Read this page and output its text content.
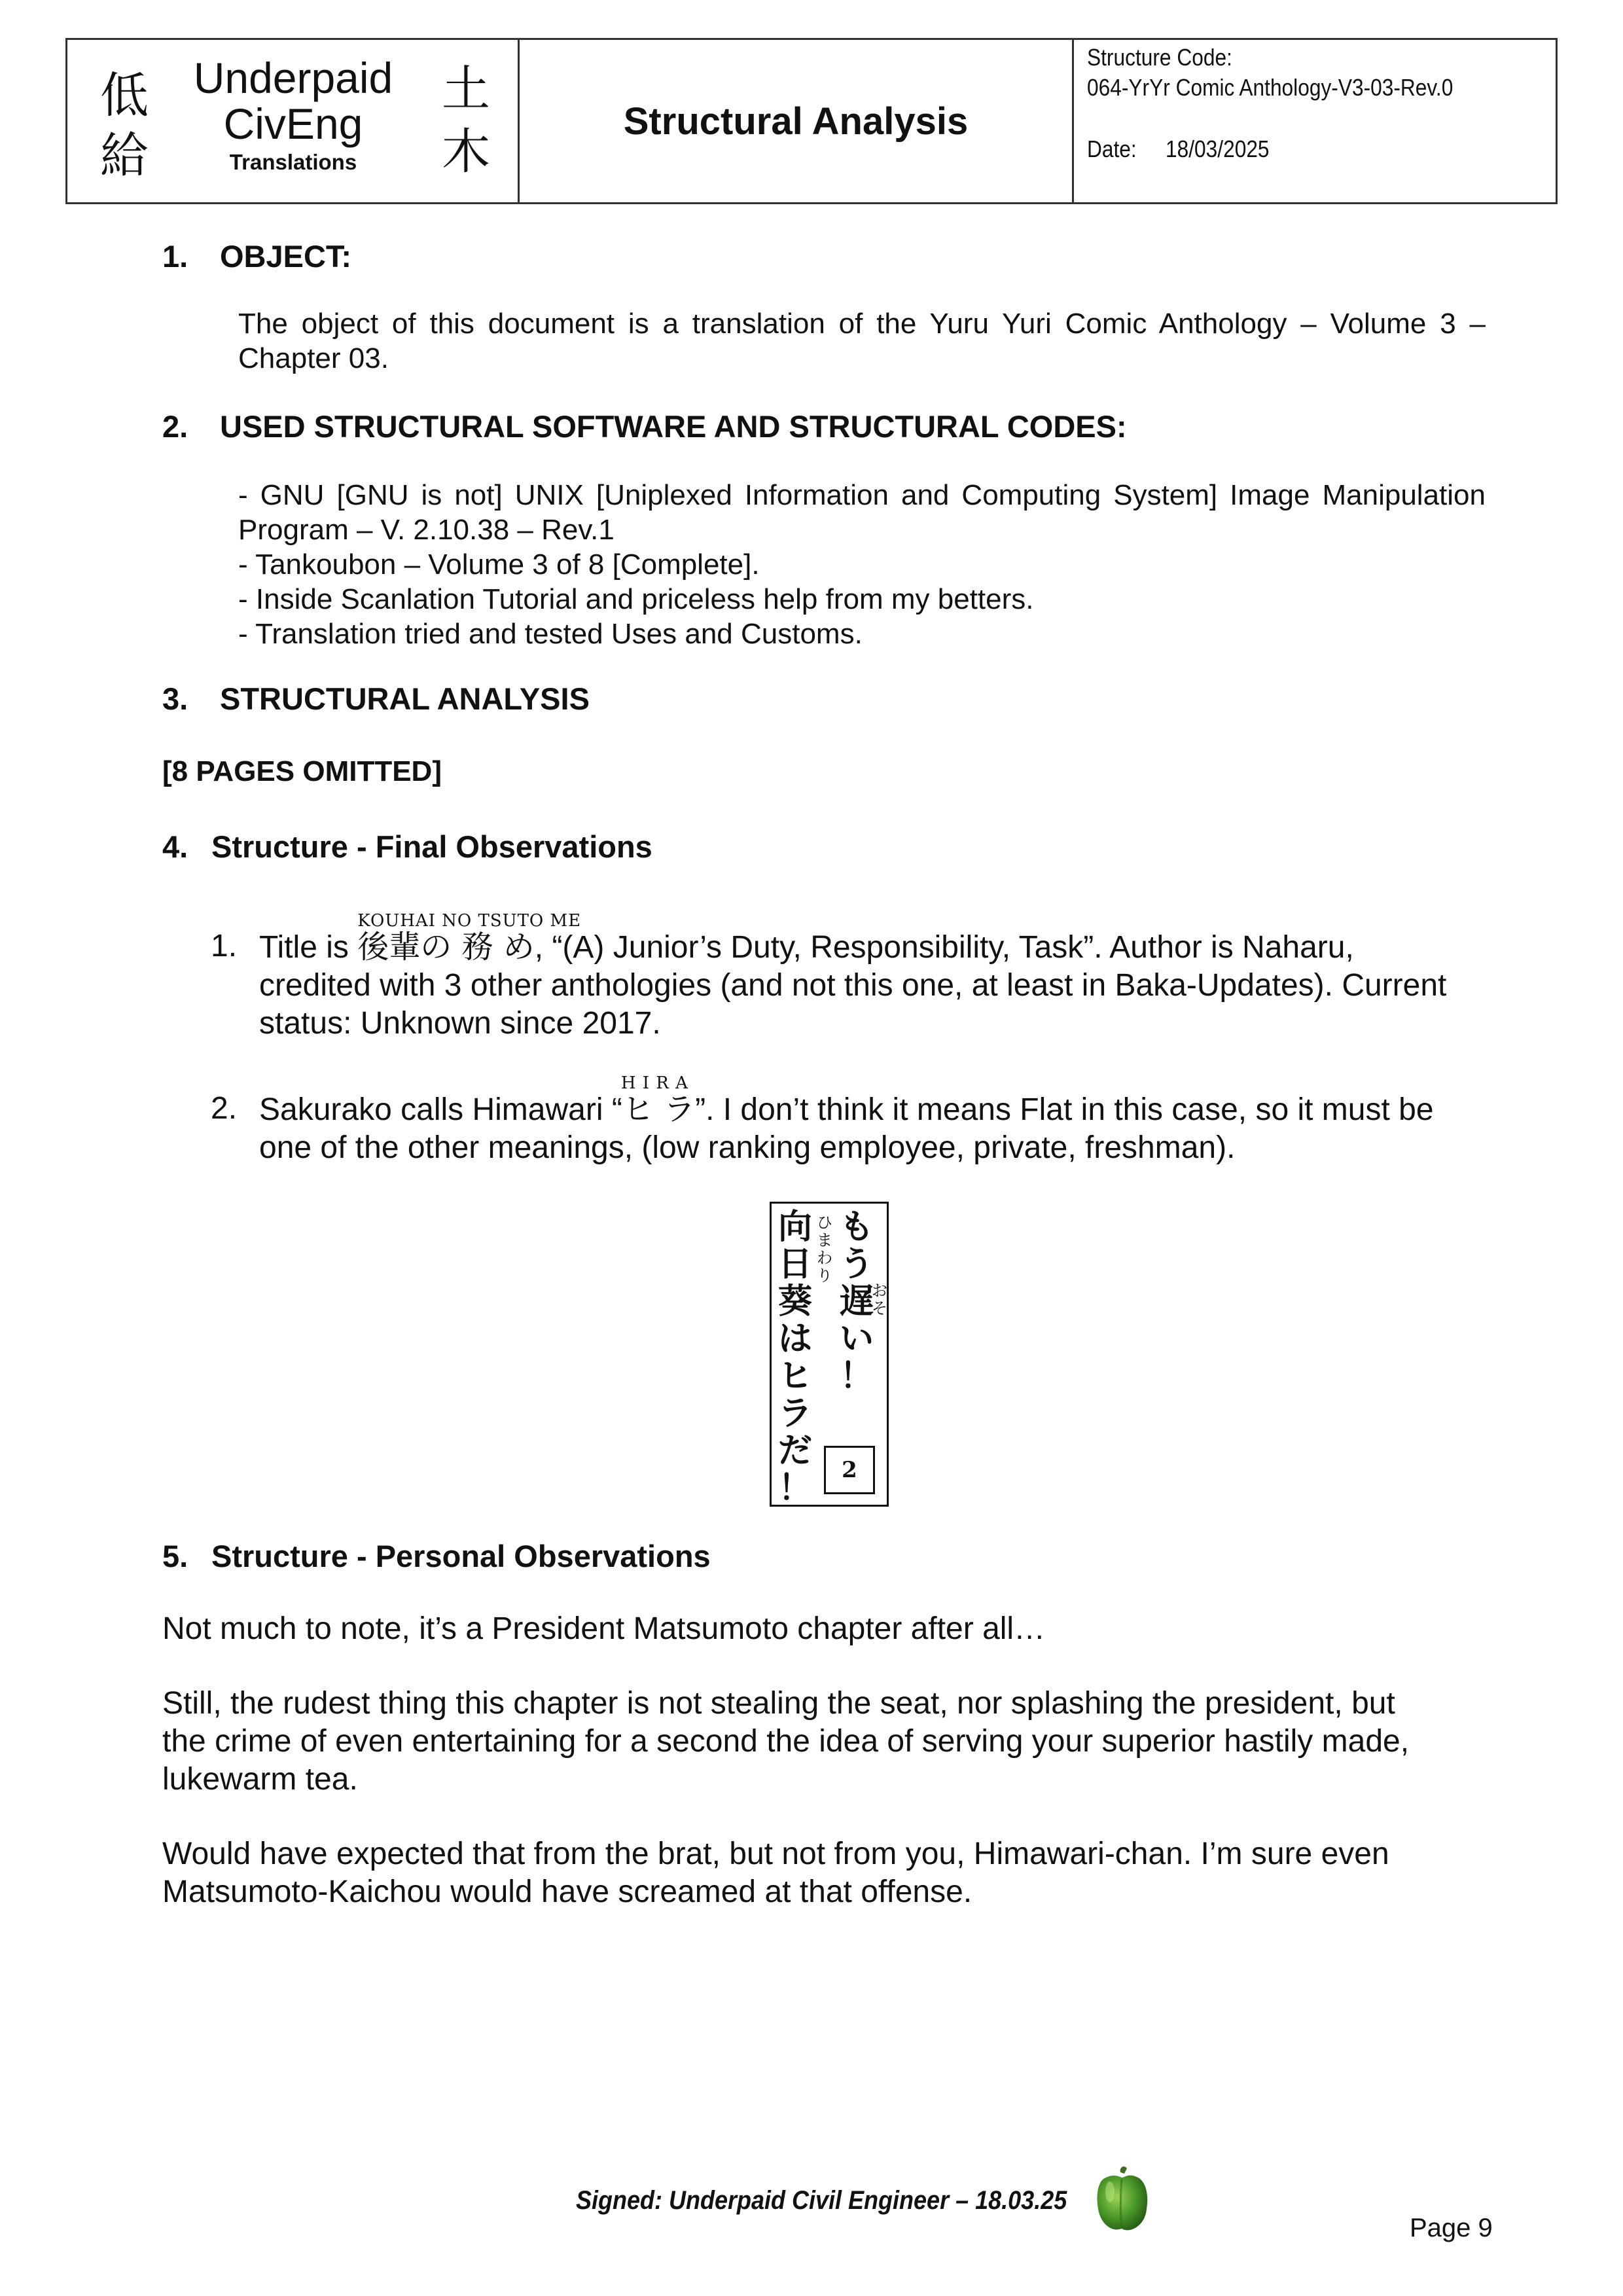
低
給
土
木
Underpaid
CivEng
Translations
Structural Analysis
Structure Code:
064-YrYr Comic Anthology-V3-03-Rev.0
Date: 18/03/2025
1. OBJECT:
The object of this document is a translation of the Yuru Yuri Comic Anthology – Volume 3 –
Chapter 03.
2. USED STRUCTURAL SOFTWARE AND STRUCTURAL CODES:
- GNU [GNU is not] UNIX [Uniplexed Information and Computing System] Image Manipulation
Program – V. 2.10.38 – Rev.1
- Tankoubon – Volume 3 of 8 [Complete].
- Inside Scanlation Tutorial and priceless help from my betters.
- Translation tried and tested Uses and Customs.
3. STRUCTURAL ANALYSIS
[8 PAGES OMITTED]
4. Structure - Final Observations
1. Title is
KOUHAI NO TSUTO ME
後輩の 務 め, “(A) Junior’s Duty, Responsibility, Task”. Author is Naharu,
credited with 3 other anthologies (and not this one, at least in Baka-Updates). Current
status: Unknown since 2017.
2. Sakurako calls Himawari “
H I R A
ヒ ラ”. I don’t think it means Flat in this case, so it must be
one of the other meanings, (low ranking employee, private, freshman).
も
う
遅
い
！
お
そ
向
日
葵
は
ヒ
ラ
だ
！
ひ
ま
わ
り
2
5. Structure - Personal Observations
Not much to note, it’s a President Matsumoto chapter after all…
Still, the rudest thing this chapter is not stealing the seat, nor splashing the president, but
the crime of even entertaining for a second the idea of serving your superior hastily made,
lukewarm tea.
Would have expected that from the brat, but not from you, Himawari-chan. I’m sure even
Matsumoto-Kaichou would have screamed at that offense.
Signed: Underpaid Civil Engineer – 18.03.25
Page 9
